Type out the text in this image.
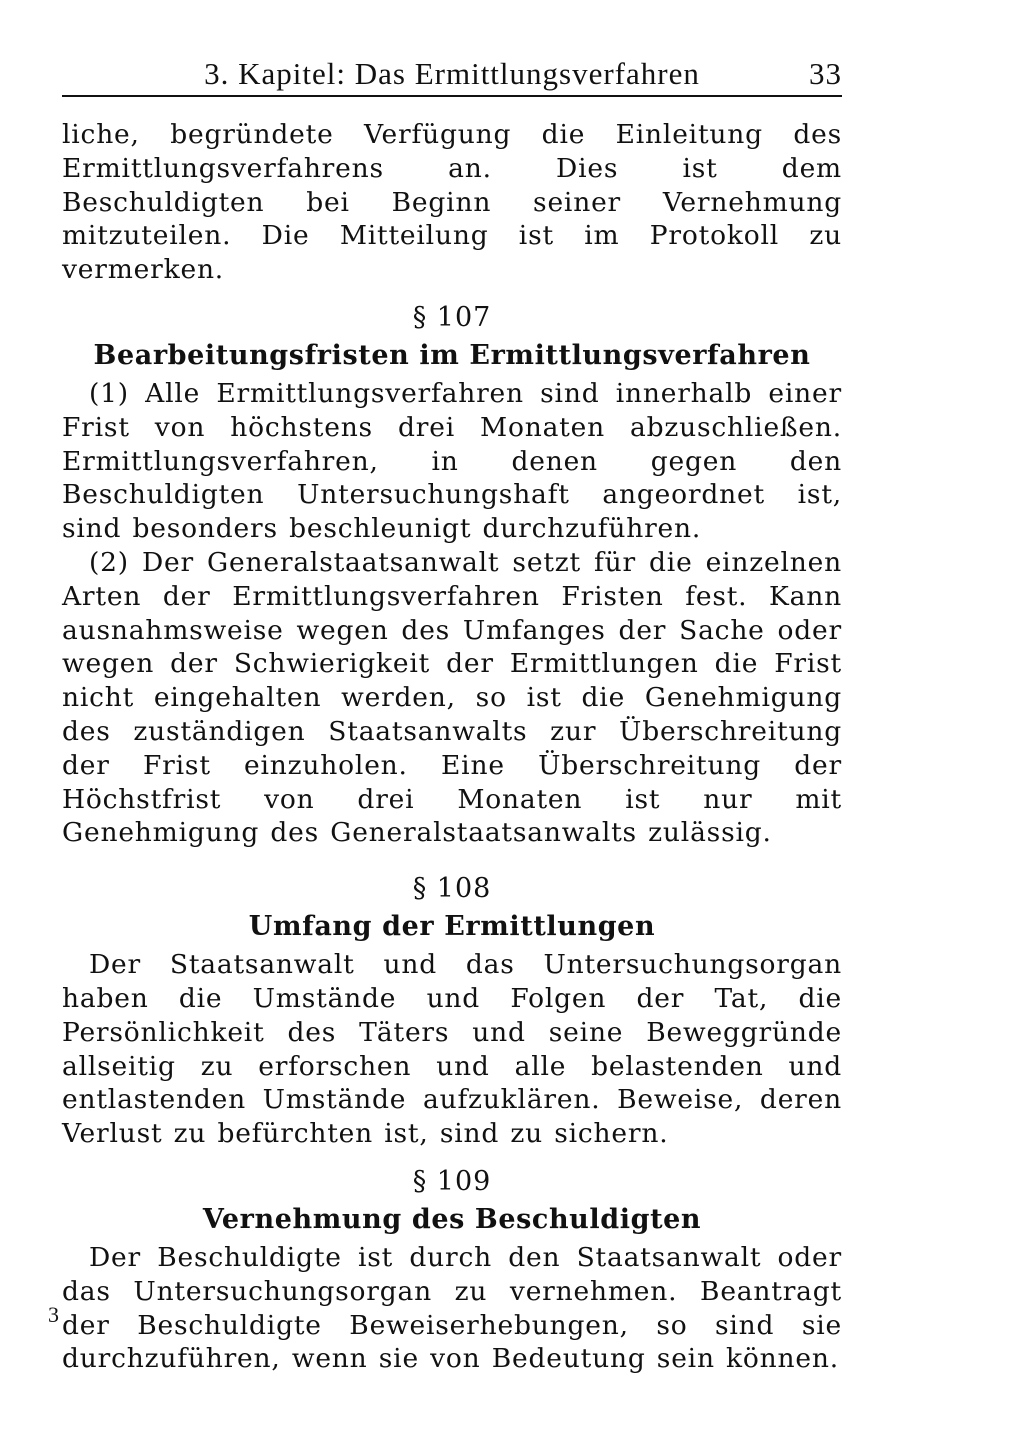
3. Kapitel: Das Ermittlungsverfahren	33

liche, begründete Verfügung die Einleitung des Ermittlungsverfahrens an. Dies ist dem Beschuldigten bei Beginn seiner Vernehmung mitzuteilen. Die Mitteilung ist im Protokoll zu vermerken.

§ 107
Bearbeitungsfristen im Ermittlungsverfahren

(1) Alle Ermittlungsverfahren sind innerhalb einer Frist von höchstens drei Monaten abzuschließen. Ermittlungsverfahren, in denen gegen den Beschuldigten Untersuchungshaft angeordnet ist, sind besonders beschleunigt durchzuführen.

(2) Der Generalstaatsanwalt setzt für die einzelnen Arten der Ermittlungsverfahren Fristen fest. Kann ausnahmsweise wegen des Umfanges der Sache oder wegen der Schwierigkeit der Ermittlungen die Frist nicht eingehalten werden, so ist die Genehmigung des zuständigen Staatsanwalts zur Überschreitung der Frist einzuholen. Eine Überschreitung der Höchstfrist von drei Monaten ist nur mit Genehmigung des Generalstaatsanwalts zulässig.

§ 108
Umfang der Ermittlungen

Der Staatsanwalt und das Untersuchungsorgan haben die Umstände und Folgen der Tat, die Persönlichkeit des Täters und seine Beweggründe allseitig zu erforschen und alle belastenden und entlastenden Umstände aufzuklären. Beweise, deren Verlust zu befürchten ist, sind zu sichern.

§ 109
Vernehmung des Beschuldigten

Der Beschuldigte ist durch den Staatsanwalt oder das Untersuchungsorgan zu vernehmen. Beantragt der Beschuldigte Beweiserhebungen, so sind sie durchzuführen, wenn sie von Bedeutung sein können.

3
